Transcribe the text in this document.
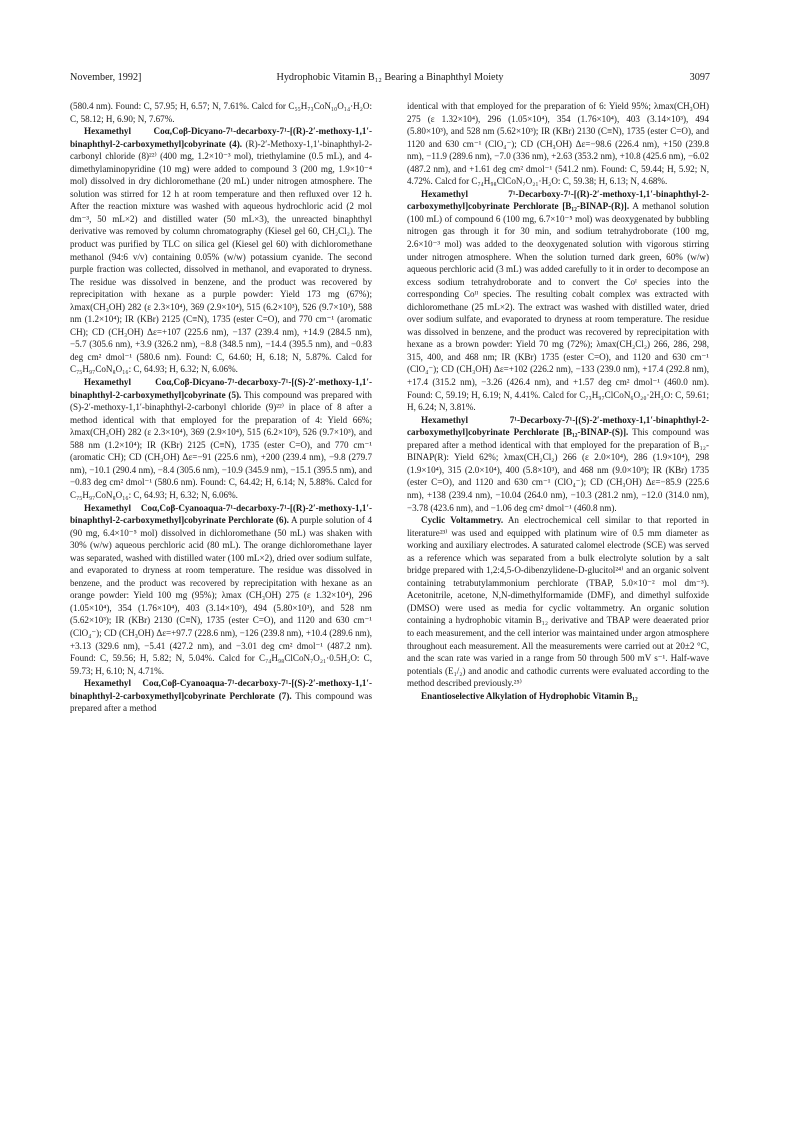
November, 1992]	Hydrophobic Vitamin B₁₂ Bearing a Binaphthyl Moiety	3097

(580.4 nm). Found: C, 57.95; H, 6.57; N, 7.61%. Calcd for C₅₅H₇₃CoN₁₀O₁₄·H₂O: C, 58.12; H, 6.90; N, 7.67%.

Hexamethyl Coα,Coβ-Dicyano-7¹-decarboxy-7¹-[(R)-2′-methoxy-1,1′-binaphthyl-2-carboxymethyl]cobyrinate (4). (R)-2′-Methoxy-1,1′-binaphthyl-2-carbonyl chloride (8)²²⁾ (400 mg, 1.2×10⁻³ mol), triethylamine (0.5 mL), and 4-dimethylaminopyridine (10 mg) were added to compound 3 (200 mg, 1.9×10⁻⁴ mol) dissolved in dry dichloromethane (20 mL) under nitrogen atmosphere. The solution was stirred for 12 h at room temperature and then refluxed over 12 h. After the reaction mixture was washed with aqueous hydrochloric acid (2 mol dm⁻³, 50 mL×2) and distilled water (50 mL×3), the unreacted binaphthyl derivative was removed by column chromatography (Kiesel gel 60, CH₂Cl₂). The product was purified by TLC on silica gel (Kiesel gel 60) with dichloromethane methanol (94:6 v/v) containing 0.05% (w/w) potassium cyanide. The second purple fraction was collected, dissolved in methanol, and evaporated to dryness. The residue was dissolved in benzene, and the product was recovered by reprecipitation with hexane as a purple powder: Yield 173 mg (67%); λmax(CH₃OH) 282 (ε 2.3×10⁴), 369 (2.9×10⁴), 515 (6.2×10³), 526 (9.7×10³), 588 nm (1.2×10⁴); IR (KBr) 2125 (C≡N), 1735 (ester C=O), and 770 cm⁻¹ (aromatic CH); CD (CH₃OH) Δε=+107 (225.6 nm), −137 (239.4 nm), +14.9 (284.5 nm), −5.7 (305.6 nm), +3.9 (326.2 nm), −8.8 (348.5 nm), −14.4 (395.5 nm), and −0.83 deg cm² dmol⁻¹ (580.6 nm). Found: C, 64.60; H, 6.18; N, 5.87%. Calcd for C₇₅H₉₇CoN₈O₁₆: C, 64.93; H, 6.32; N, 6.06%.

Hexamethyl Coα,Coβ-Dicyano-7¹-decarboxy-7¹-[(S)-2′-methoxy-1,1′-binaphthyl-2-carboxymethyl]cobyrinate (5). This compound was prepared with (S)-2′-methoxy-1,1′-binaphthyl-2-carbonyl chloride (9)²²⁾ in place of 8 after a method identical with that employed for the preparation of 4: Yield 66%; λmax(CH₃OH) 282 (ε 2.3×10⁴), 369 (2.9×10⁴), 515 (6.2×10³), 526 (9.7×10³), and 588 nm (1.2×10⁴); IR (KBr) 2125 (C≡N), 1735 (ester C=O), and 770 cm⁻¹ (aromatic CH); CD (CH₃OH) Δε=−91 (225.6 nm), +200 (239.4 nm), −9.8 (279.7 nm), −10.1 (290.4 nm), −8.4 (305.6 nm), −10.9 (345.9 nm), −15.1 (395.5 nm), and −0.83 deg cm² dmol⁻¹ (580.6 nm). Found: C, 64.42; H, 6.14; N, 5.88%. Calcd for C₇₅H₉₇CoN₈O₁₆: C, 64.93; H, 6.32; N, 6.06%.

Hexamethyl Coα,Coβ-Cyanoaqua-7¹-decarboxy-7¹-[(R)-2′-methoxy-1,1′-binaphthyl-2-carboxymethyl]cobyrinate Perchlorate (6). A purple solution of 4 (90 mg, 6.4×10⁻⁵ mol) dissolved in dichloromethane (50 mL) was shaken with 30% (w/w) aqueous perchloric acid (80 mL). The orange dichloromethane layer was separated, washed with distilled water (100 mL×2), dried over sodium sulfate, and evaporated to dryness at room temperature. The residue was dissolved in benzene, and the product was recovered by reprecipitation with hexane as an orange powder: Yield 100 mg (95%); λmax (CH₃OH) 275 (ε 1.32×10⁴), 296 (1.05×10⁴), 354 (1.76×10⁴), 403 (3.14×10³), 494 (5.80×10³), and 528 nm (5.62×10³); IR (KBr) 2130 (C≡N), 1735 (ester C=O), and 1120 and 630 cm⁻¹ (ClO₄⁻); CD (CH₃OH) Δε=+97.7 (228.6 nm), −126 (239.8 nm), +10.4 (289.6 nm), +3.13 (329.6 nm), −5.41 (427.2 nm), and −3.01 deg cm² dmol⁻¹ (487.2 nm). Found: C, 59.56; H, 5.82; N, 5.04%. Calcd for C₇₄H₉₈ClCoN₇O₂₁·0.5H₂O: C, 59.73; H, 6.10; N, 4.71%.

Hexamethyl Coα,Coβ-Cyanoaqua-7¹-decarboxy-7¹-[(S)-2′-methoxy-1,1′-binaphthyl-2-carboxymethyl]cobyrinate Perchlorate (7). This compound was prepared after a method

identical with that employed for the preparation of 6: Yield 95%; λmax(CH₃OH) 275 (ε 1.32×10⁴), 296 (1.05×10⁴), 354 (1.76×10⁴), 403 (3.14×10³), 494 (5.80×10³), and 528 nm (5.62×10³); IR (KBr) 2130 (C≡N), 1735 (ester C=O), and 1120 and 630 cm⁻¹ (ClO₄⁻); CD (CH₃OH) Δε=−98.6 (226.4 nm), +150 (239.8 nm), −11.9 (289.6 nm), −7.0 (336 nm), +2.63 (353.2 nm), +10.8 (425.6 nm), −6.02 (487.2 nm), and +1.61 deg cm² dmol⁻¹ (541.2 nm). Found: C, 59.44; H, 5.92; N, 4.72%. Calcd for C₇₄H₉₈ClCoN₇O₂₁·H₂O: C, 59.38; H, 6.13; N, 4.68%.

Hexamethyl 7¹-Decarboxy-7¹-[(R)-2′-methoxy-1,1′-binaphthyl-2-carboxymethyl]cobyrinate Perchlorate [B₁₂-BINAP-(R)]. A methanol solution (100 mL) of compound 6 (100 mg, 6.7×10⁻⁵ mol) was deoxygenated by bubbling nitrogen gas through it for 30 min, and sodium tetrahydroborate (100 mg, 2.6×10⁻³ mol) was added to the deoxygenated solution with vigorous stirring under nitrogen atmosphere. When the solution turned dark green, 60% (w/w) aqueous perchloric acid (3 mL) was added carefully to it in order to decompose an excess sodium tetrahydroborate and to convert the Coᴵ species into the corresponding Coᴵᴵ species. The resulting cobalt complex was extracted with dichloromethane (25 mL×2). The extract was washed with distilled water, dried over sodium sulfate, and evaporated to dryness at room temperature. The residue was dissolved in benzene, and the product was recovered by reprecipitation with hexane as a brown powder: Yield 70 mg (72%); λmax(CH₂Cl₂) 266, 286, 298, 315, 400, and 468 nm; IR (KBr) 1735 (ester C=O), and 1120 and 630 cm⁻¹ (ClO₄⁻); CD (CH₃OH) Δε=+102 (226.2 nm), −133 (239.0 nm), +17.4 (292.8 nm), +17.4 (315.2 nm), −3.26 (426.4 nm), and +1.57 deg cm² dmol⁻¹ (460.0 nm). Found: C, 59.19; H, 6.19; N, 4.41%. Calcd for C₇₃H₉₇ClCoN₆O₂₀·2H₂O: C, 59.61; H, 6.24; N, 3.81%.

Hexamethyl 7¹-Decarboxy-7¹-[(S)-2′-methoxy-1,1′-binaphthyl-2-carboxymethyl]cobyrinate Perchlorate [B₁₂-BINAP-(S)]. This compound was prepared after a method identical with that employed for the preparation of B₁₂-BINAP(R): Yield 62%; λmax(CH₂Cl₂) 266 (ε 2.0×10⁴), 286 (1.9×10⁴), 298 (1.9×10⁴), 315 (2.0×10⁴), 400 (5.8×10³), and 468 nm (9.0×10³); IR (KBr) 1735 (ester C=O), and 1120 and 630 cm⁻¹ (ClO₄⁻); CD (CH₃OH) Δε=−85.9 (225.6 nm), +138 (239.4 nm), −10.04 (264.0 nm), −10.3 (281.2 nm), −12.0 (314.0 nm), −3.78 (423.6 nm), and −1.06 deg cm² dmol⁻¹ (460.8 nm).

Cyclic Voltammetry. An electrochemical cell similar to that reported in literature²³⁾ was used and equipped with platinum wire of 0.5 mm diameter as working and auxiliary electrodes. A saturated calomel electrode (SCE) was served as a reference which was separated from a bulk electrolyte solution by a salt bridge prepared with 1,2:4,5-O-dibenzylidene-D-glucitol²⁴⁾ and an organic solvent containing tetrabutylammonium perchlorate (TBAP, 5.0×10⁻² mol dm⁻³). Acetonitrile, acetone, N,N-dimethylformamide (DMF), and dimethyl sulfoxide (DMSO) were used as media for cyclic voltammetry. An organic solution containing a hydrophobic vitamin B₁₂ derivative and TBAP were deaerated prior to each measurement, and the cell interior was maintained under argon atmosphere throughout each measurement. All the measurements were carried out at 20±2 °C, and the scan rate was varied in a range from 50 through 500 mV s⁻¹. Half-wave potentials (E₁/₂) and anodic and cathodic currents were evaluated according to the method described previously.²⁵⁾

Enantioselective Alkylation of Hydrophobic Vitamin B₁₂
